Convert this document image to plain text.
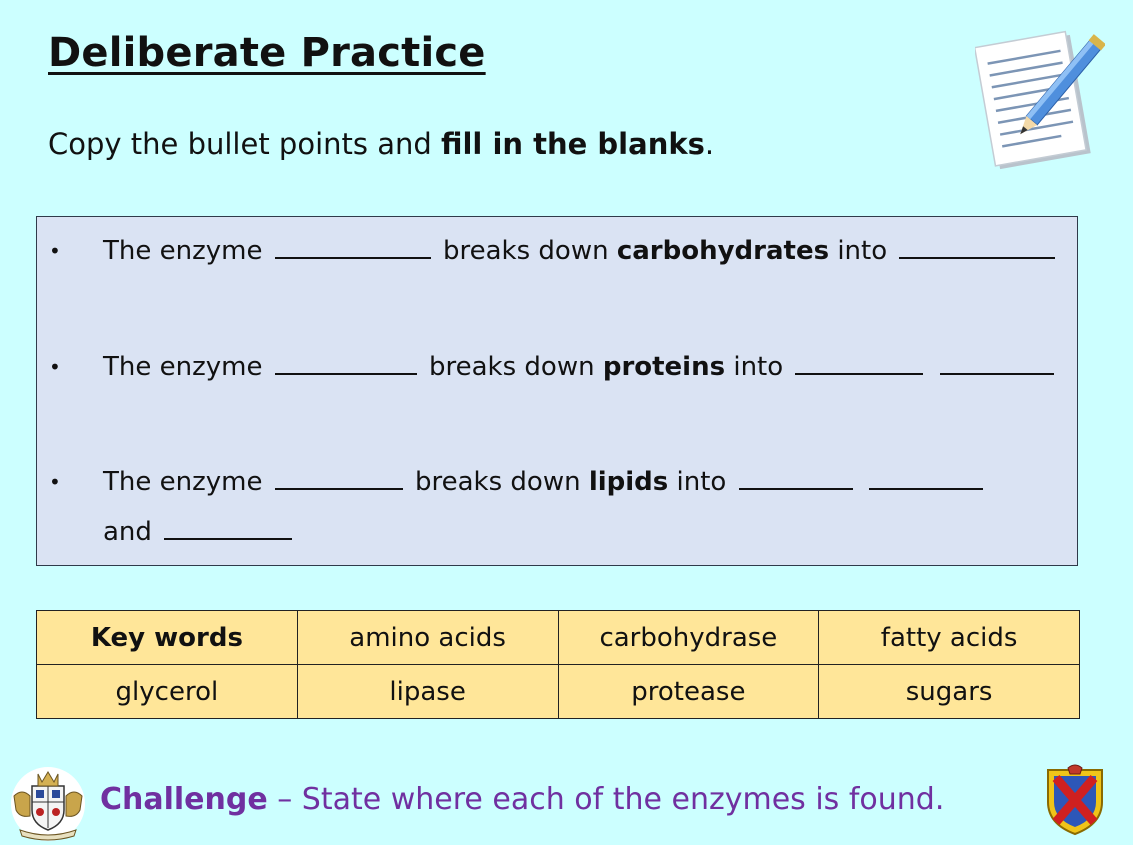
Deliberate Practice
Copy the bullet points and fill in the blanks.
• The enzyme	breaks down carbohydrates into
• The enzyme	breaks down proteins into
• The enzyme	breaks down lipids into
and
Key words	amino acids	carbohydrase	fatty acids
glycerol	lipase	protease	sugars
Challenge – State where each of the enzymes is found.
